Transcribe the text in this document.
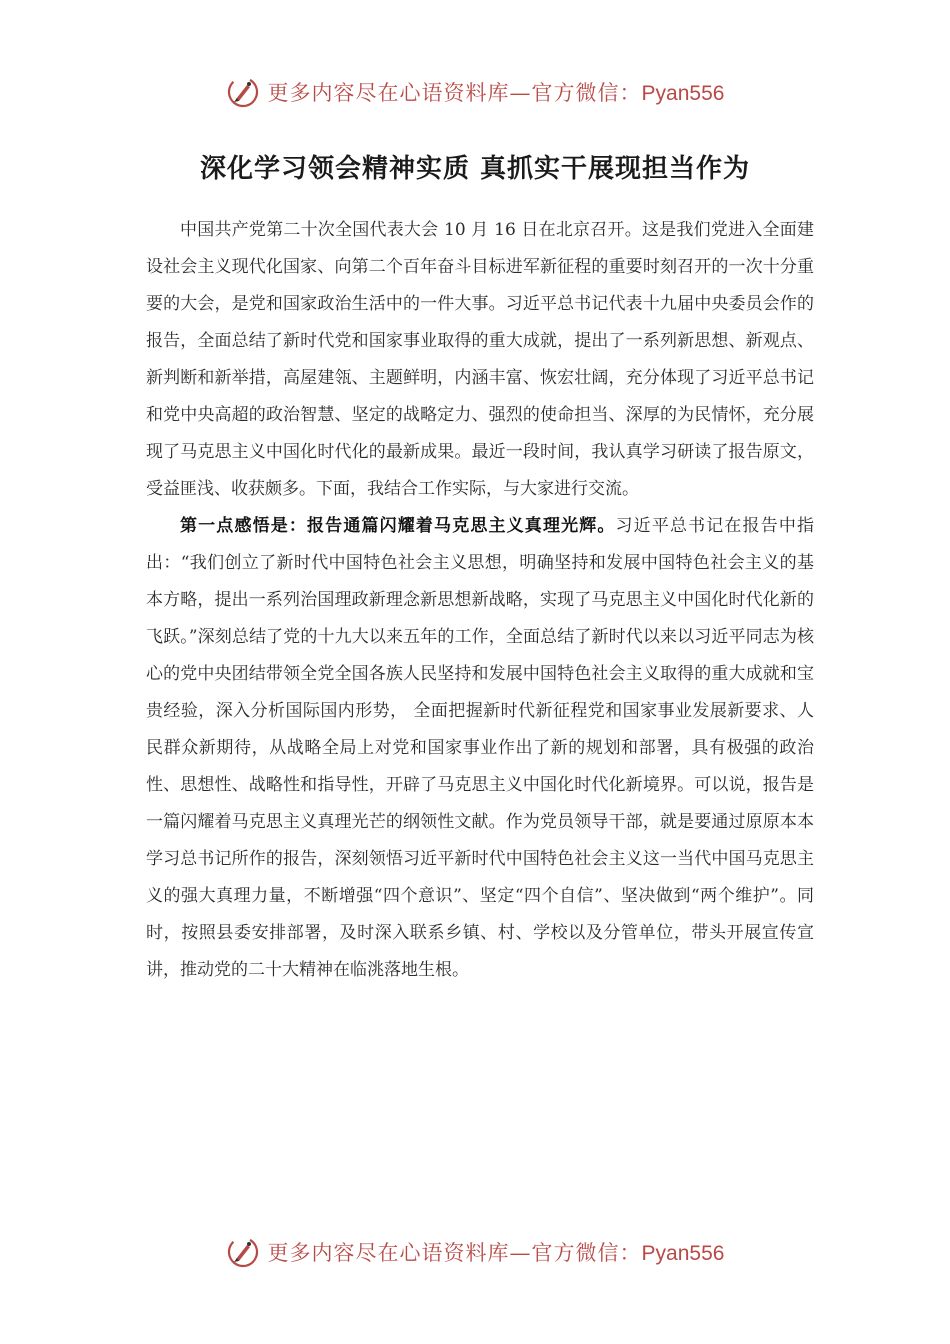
更多内容尽在心语资料库—官方微信：Pyan556
深化学习领会精神实质 真抓实干展现担当作为

中国共产党第二十次全国代表大会 10 月 16 日在北京召开。这是我们党进入全面建设社会主义现代化国家、向第二个百年奋斗目标进军新征程的重要时刻召开的一次十分重要的大会，是党和国家政治生活中的一件大事。习近平总书记代表十九届中央委员会作的报告，全面总结了新时代党和国家事业取得的重大成就，提出了一系列新思想、新观点、新判断和新举措，高屋建瓴、主题鲜明，内涵丰富、恢宏壮阔，充分体现了习近平总书记和党中央高超的政治智慧、坚定的战略定力、强烈的使命担当、深厚的为民情怀，充分展现了马克思主义中国化时代化的最新成果。最近一段时间，我认真学习研读了报告原文，受益匪浅、收获颇多。下面，我结合工作实际，与大家进行交流。

第一点感悟是：报告通篇闪耀着马克思主义真理光辉。习近平总书记在报告中指出：“我们创立了新时代中国特色社会主义思想，明确坚持和发展中国特色社会主义的基本方略，提出一系列治国理政新理念新思想新战略，实现了马克思主义中国化时代化新的飞跃。”深刻总结了党的十九大以来五年的工作，全面总结了新时代以来以习近平同志为核心的党中央团结带领全党全国各族人民坚持和发展中国特色社会主义取得的重大成就和宝贵经验，深入分析国际国内形势， 全面把握新时代新征程党和国家事业发展新要求、人民群众新期待，从战略全局上对党和国家事业作出了新的规划和部署，具有极强的政治性、思想性、战略性和指导性，开辟了马克思主义中国化时代化新境界。可以说，报告是一篇闪耀着马克思主义真理光芒的纲领性文献。作为党员领导干部，就是要通过原原本本学习总书记所作的报告，深刻领悟习近平新时代中国特色社会主义这一当代中国马克思主义的强大真理力量，不断增强“四个意识”、坚定“四个自信”、坚决做到“两个维护”。同时，按照县委安排部署，及时深入联系乡镇、村、学校以及分管单位，带头开展宣传宣讲，推动党的二十大精神在临洮落地生根。

更多内容尽在心语资料库—官方微信：Pyan556
